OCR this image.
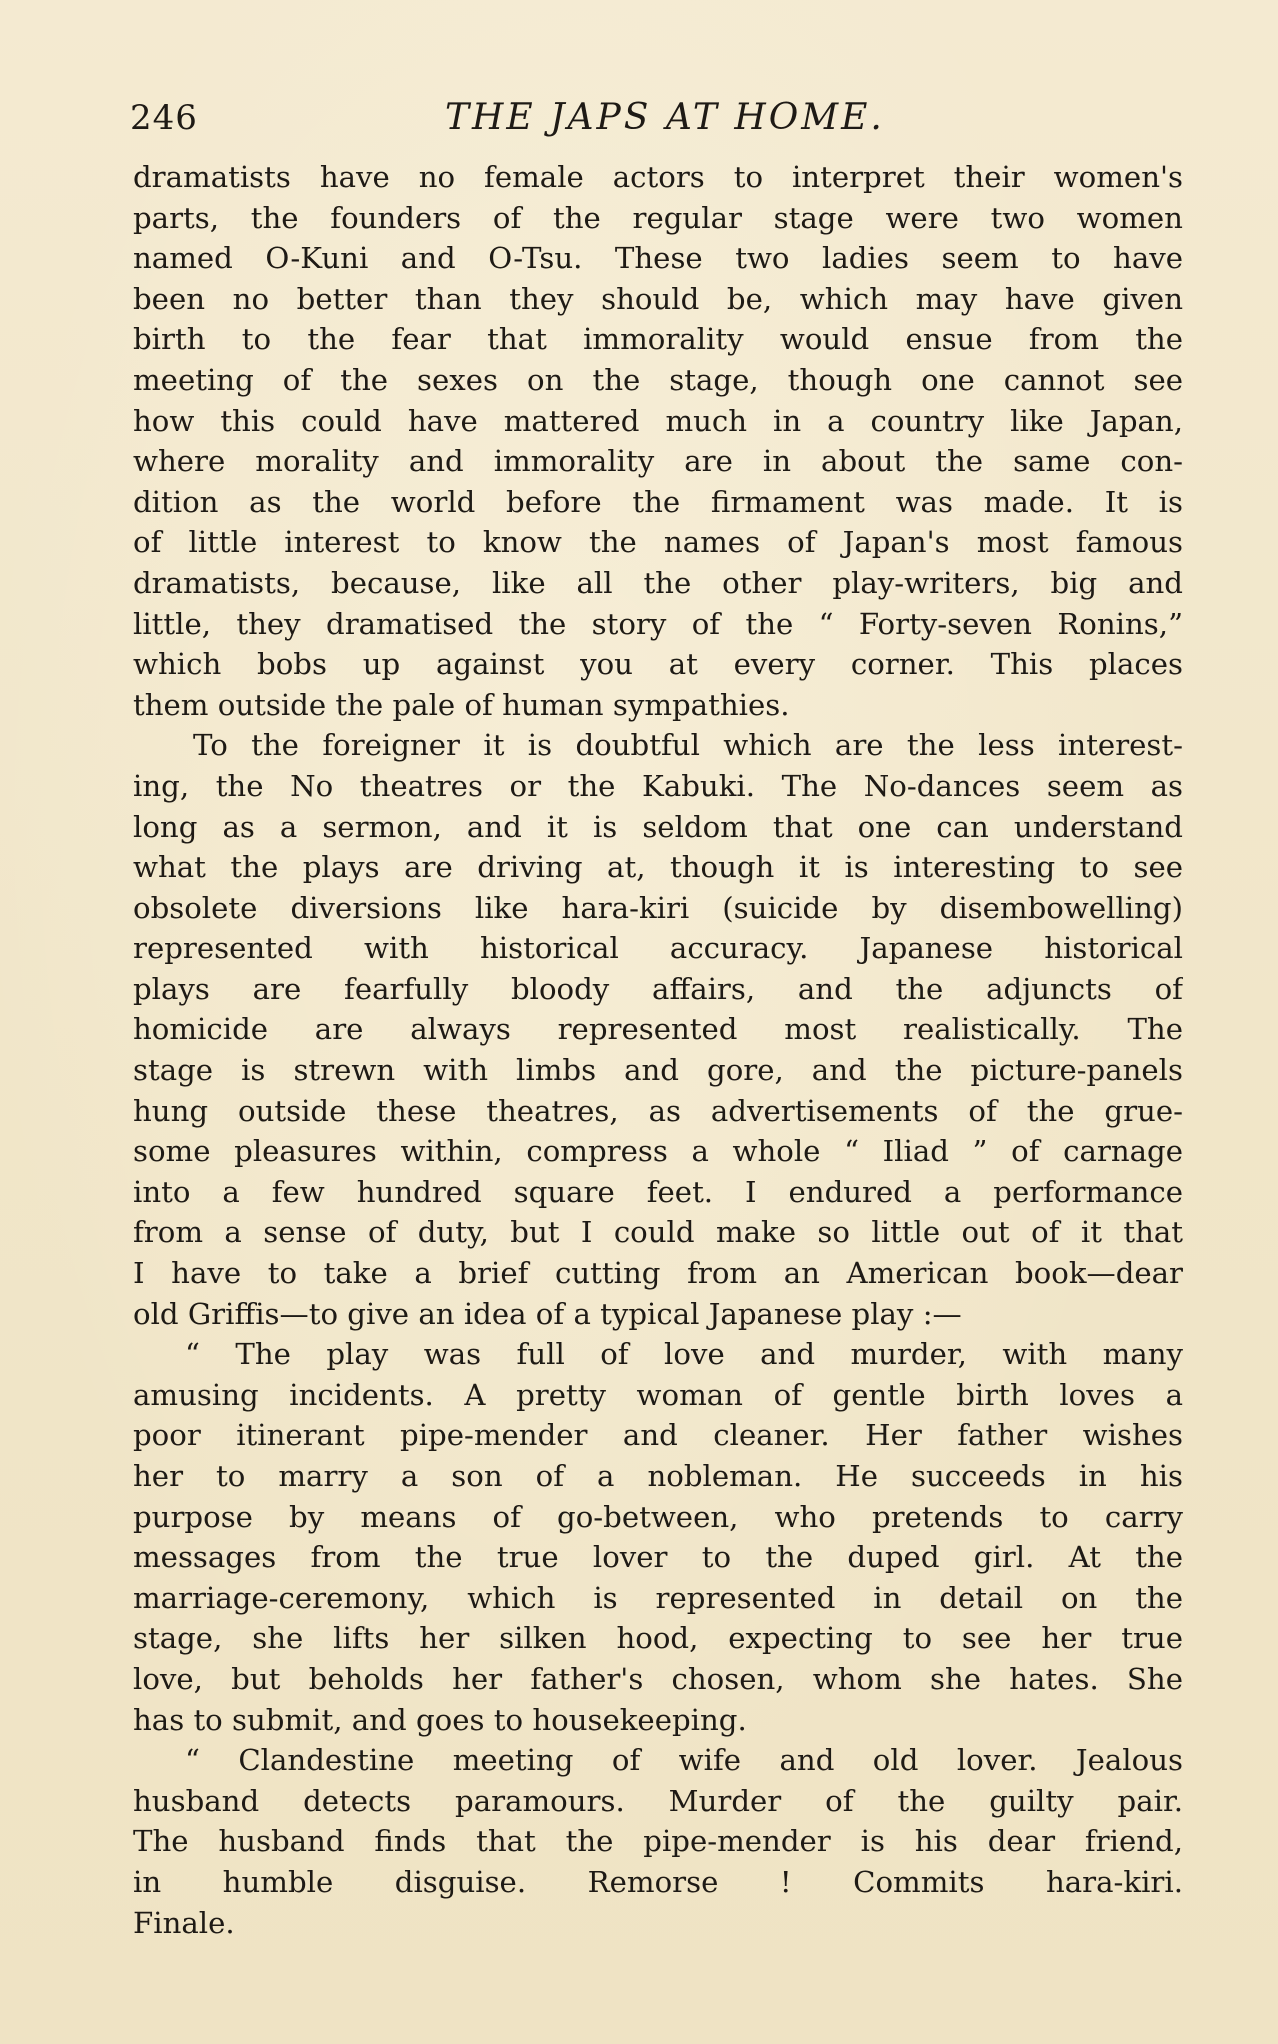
246	THE JAPS AT HOME.
dramatists have no female actors to interpret their women's
parts, the founders of the regular stage were two women
named O-Kuni and O-Tsu. These two ladies seem to have
been no better than they should be, which may have given
birth to the fear that immorality would ensue from the
meeting of the sexes on the stage, though one cannot see
how this could have mattered much in a country like Japan,
where morality and immorality are in about the same con-
dition as the world before the firmament was made. It is
of little interest to know the names of Japan's most famous
dramatists, because, like all the other play-writers, big and
little, they dramatised the story of the “ Forty-seven Ronins,”
which bobs up against you at every corner. This places
them outside the pale of human sympathies.
To the foreigner it is doubtful which are the less interest-
ing, the No theatres or the Kabuki. The No-dances seem as
long as a sermon, and it is seldom that one can understand
what the plays are driving at, though it is interesting to see
obsolete diversions like hara-kiri (suicide by disembowelling)
represented with historical accuracy. Japanese historical
plays are fearfully bloody affairs, and the adjuncts of
homicide are always represented most realistically. The
stage is strewn with limbs and gore, and the picture-panels
hung outside these theatres, as advertisements of the grue-
some pleasures within, compress a whole “ Iliad ” of carnage
into a few hundred square feet. I endured a performance
from a sense of duty, but I could make so little out of it that
I have to take a brief cutting from an American book—dear
old Griffis—to give an idea of a typical Japanese play :—
“ The play was full of love and murder, with many
amusing incidents. A pretty woman of gentle birth loves a
poor itinerant pipe-mender and cleaner. Her father wishes
her to marry a son of a nobleman. He succeeds in his
purpose by means of go-between, who pretends to carry
messages from the true lover to the duped girl. At the
marriage-ceremony, which is represented in detail on the
stage, she lifts her silken hood, expecting to see her true
love, but beholds her father's chosen, whom she hates. She
has to submit, and goes to housekeeping.
“ Clandestine meeting of wife and old lover. Jealous
husband detects paramours. Murder of the guilty pair.
The husband finds that the pipe-mender is his dear friend,
in humble disguise. Remorse ! Commits hara-kiri.
Finale.
